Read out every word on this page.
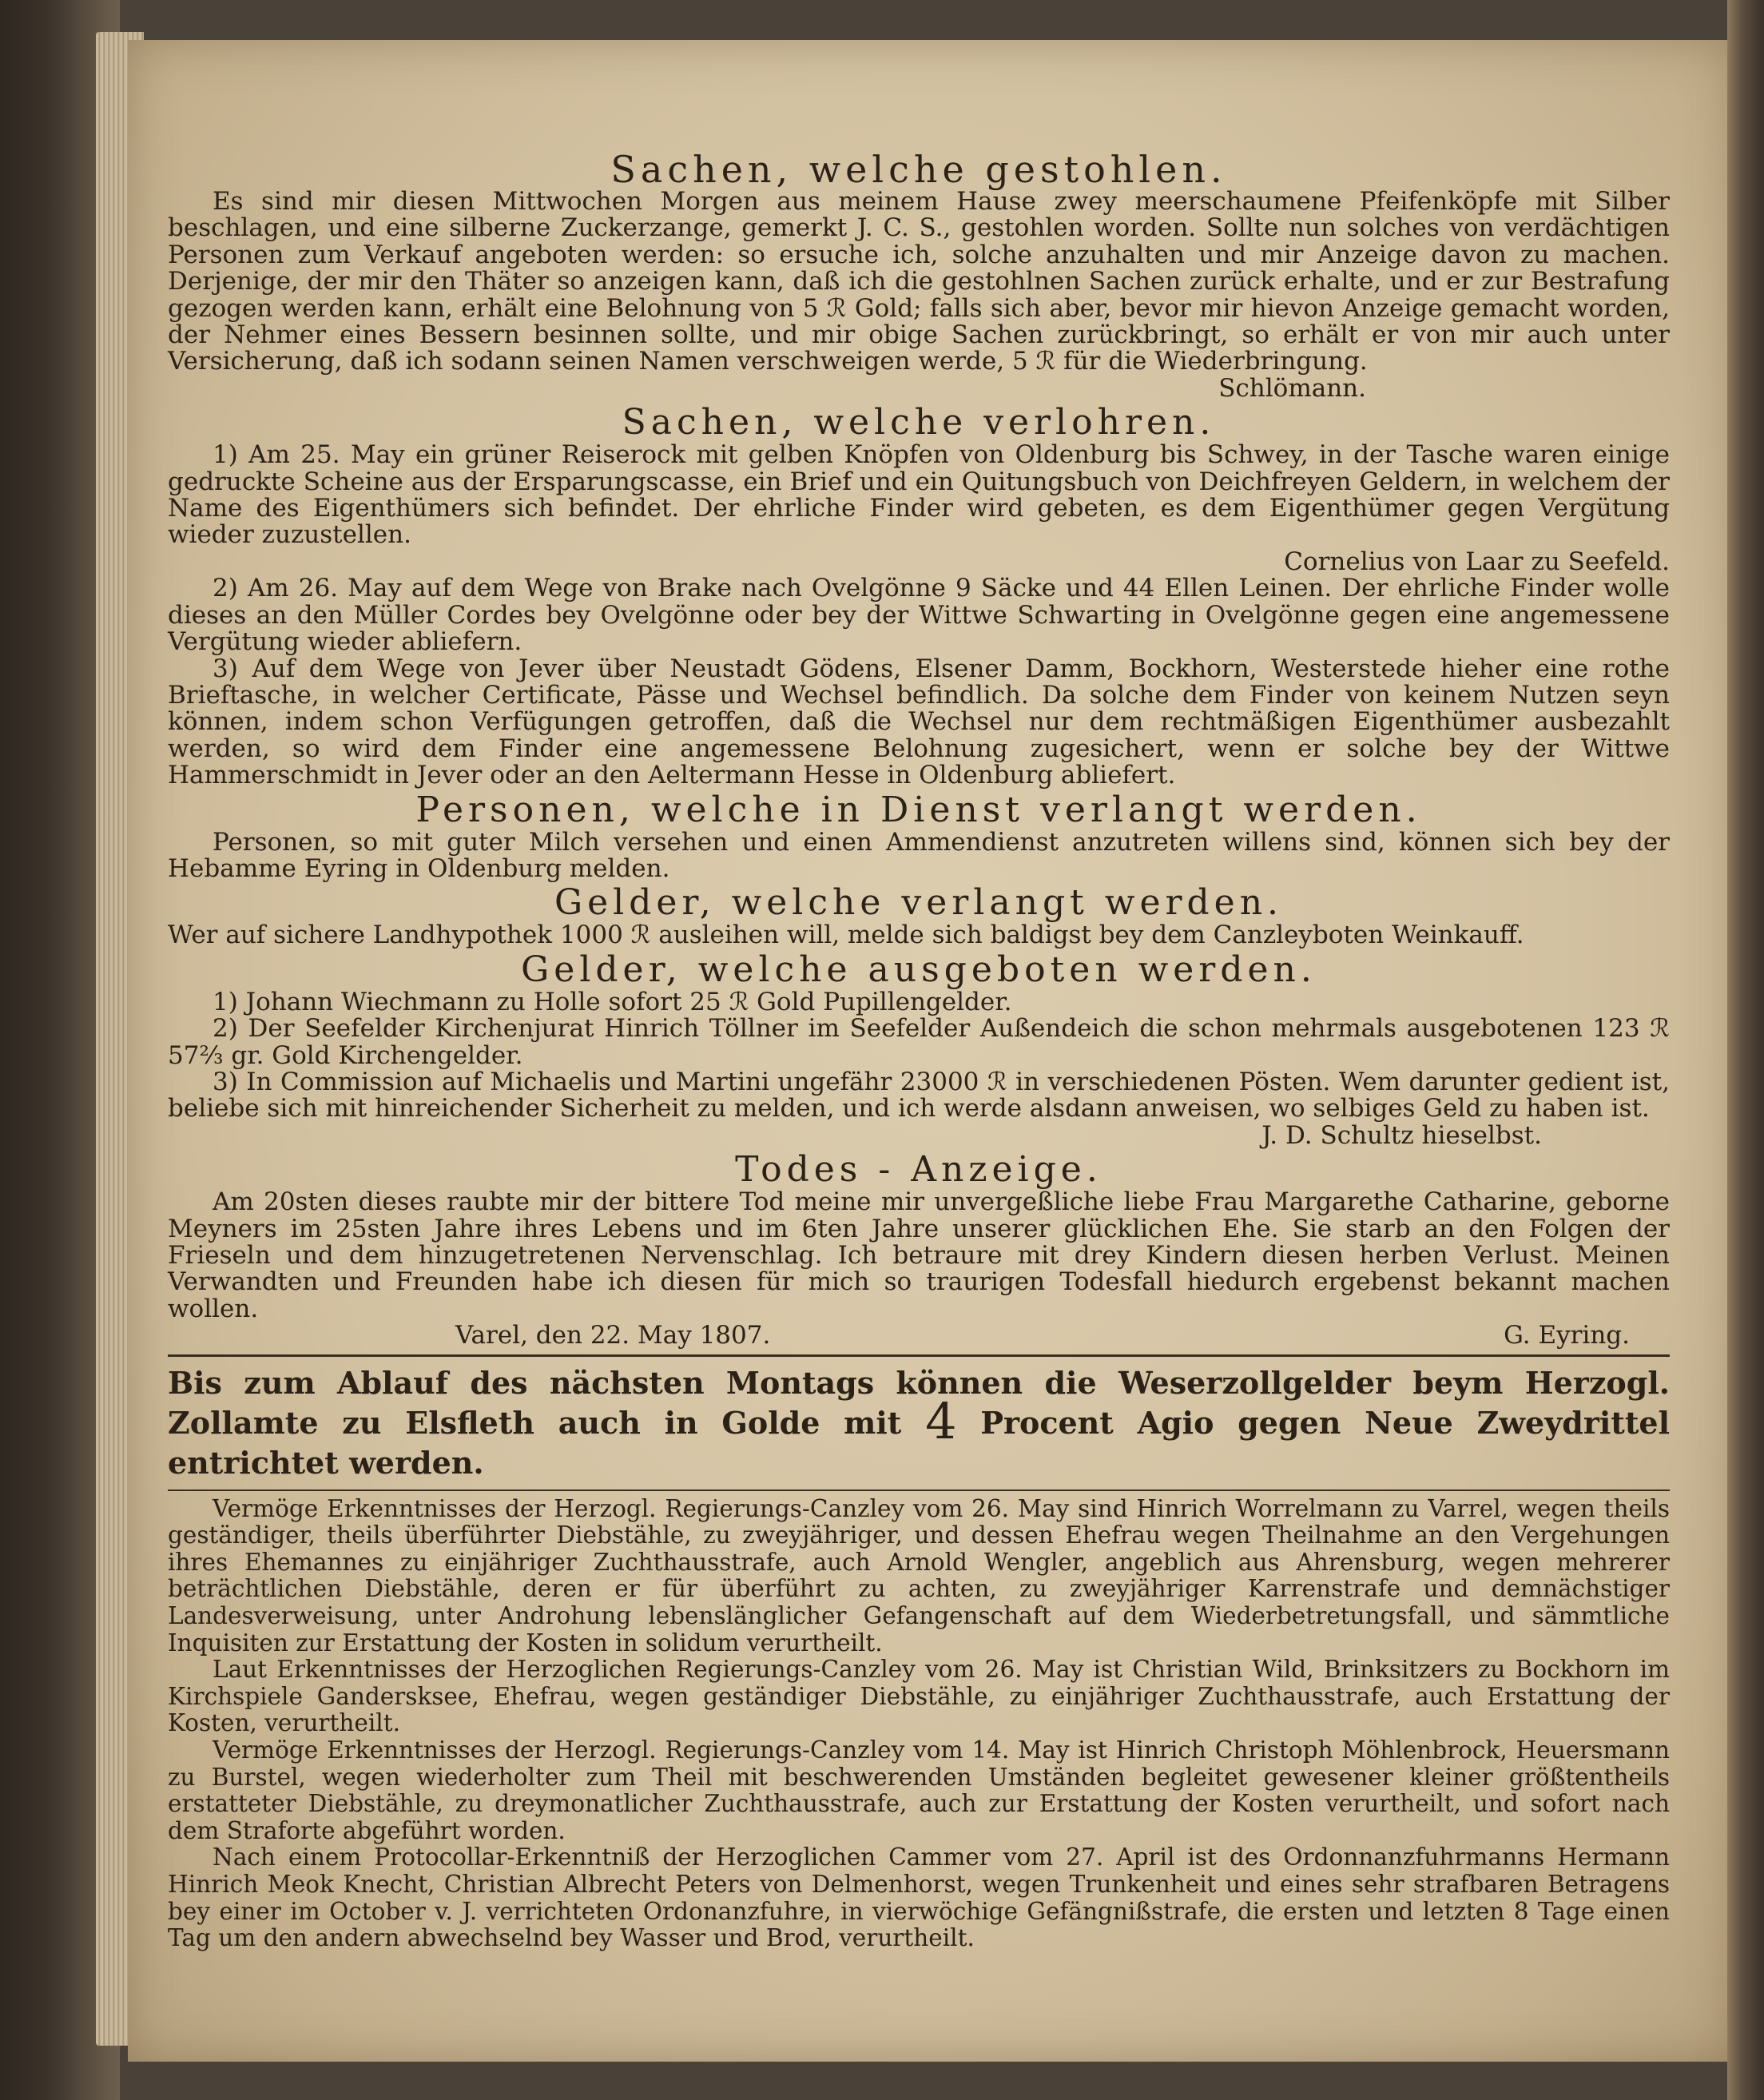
Sachen, welche gestohlen.

Es sind mir diesen Mittwochen Morgen aus meinem Hause zwey meerschaumene Pfeifenköpfe mit Silber beschlagen, und eine silberne Zuckerzange, gemerkt J. C. S., gestohlen worden. Sollte nun solches von verdächtigen Personen zum Verkauf angeboten werden: so ersuche ich, solche anzuhalten und mir Anzeige davon zu machen. Derjenige, der mir den Thäter so anzeigen kann, daß ich die gestohlnen Sachen zurück erhalte, und er zur Bestrafung gezogen werden kann, erhält eine Belohnung von 5 ℛ Gold; falls sich aber, bevor mir hievon Anzeige gemacht worden, der Nehmer eines Bessern besinnen sollte, und mir obige Sachen zurückbringt, so erhält er von mir auch unter Versicherung, daß ich sodann seinen Namen verschweigen werde, 5 ℛ für die Wiederbringung.

Schlömann.

Sachen, welche verlohren.

1) Am 25. May ein grüner Reiserock mit gelben Knöpfen von Oldenburg bis Schwey, in der Tasche waren einige gedruckte Scheine aus der Ersparungscasse, ein Brief und ein Quitungsbuch von Deichfreyen Geldern, in welchem der Name des Eigenthümers sich befindet. Der ehrliche Finder wird gebeten, es dem Eigenthümer gegen Vergütung wieder zuzustellen.

Cornelius von Laar zu Seefeld.

2) Am 26. May auf dem Wege von Brake nach Ovelgönne 9 Säcke und 44 Ellen Leinen. Der ehrliche Finder wolle dieses an den Müller Cordes bey Ovelgönne oder bey der Wittwe Schwarting in Ovelgönne gegen eine angemessene Vergütung wieder abliefern.

3) Auf dem Wege von Jever über Neustadt Gödens, Elsener Damm, Bockhorn, Westerstede hieher eine rothe Brieftasche, in welcher Certificate, Pässe und Wechsel befindlich. Da solche dem Finder von keinem Nutzen seyn können, indem schon Verfügungen getroffen, daß die Wechsel nur dem rechtmäßigen Eigenthümer ausbezahlt werden, so wird dem Finder eine angemessene Belohnung zugesichert, wenn er solche bey der Wittwe Hammerschmidt in Jever oder an den Aeltermann Hesse in Oldenburg abliefert.

Personen, welche in Dienst verlangt werden.

Personen, so mit guter Milch versehen und einen Ammendienst anzutreten willens sind, können sich bey der Hebamme Eyring in Oldenburg melden.

Gelder, welche verlangt werden.

Wer auf sichere Landhypothek 1000 ℛ ausleihen will, melde sich baldigst bey dem Canzleyboten Weinkauff.

Gelder, welche ausgeboten werden.

1) Johann Wiechmann zu Holle sofort 25 ℛ Gold Pupillengelder.

2) Der Seefelder Kirchenjurat Hinrich Töllner im Seefelder Außendeich die schon mehrmals ausgebotenen 123 ℛ 57⅔ gr. Gold Kirchengelder.

3) In Commission auf Michaelis und Martini ungefähr 23000 ℛ in verschiedenen Pösten. Wem darunter gedient ist, beliebe sich mit hinreichender Sicherheit zu melden, und ich werde alsdann anweisen, wo selbiges Geld zu haben ist.

J. D. Schultz hieselbst.

Todes - Anzeige.

Am 20sten dieses raubte mir der bittere Tod meine mir unvergeßliche liebe Frau Margarethe Catharine, geborne Meyners im 25sten Jahre ihres Lebens und im 6ten Jahre unserer glücklichen Ehe. Sie starb an den Folgen der Frieseln und dem hinzugetretenen Nervenschlag. Ich betraure mit drey Kindern diesen herben Verlust. Meinen Verwandten und Freunden habe ich diesen für mich so traurigen Todesfall hiedurch ergebenst bekannt machen wollen.

Varel, den 22. May 1807.	G. Eyring.

Bis zum Ablauf des nächsten Montags können die Weserzollgelder beym Herzogl. Zollamte zu Elsfleth auch in Golde mit 4 Procent Agio gegen Neue Zweydrittel entrichtet werden.

Vermöge Erkenntnisses der Herzogl. Regierungs-Canzley vom 26. May sind Hinrich Worrelmann zu Varrel, wegen theils geständiger, theils überführter Diebstähle, zu zweyjähriger, und dessen Ehefrau wegen Theilnahme an den Vergehungen ihres Ehemannes zu einjähriger Zuchthausstrafe, auch Arnold Wengler, angeblich aus Ahrensburg, wegen mehrerer beträchtlichen Diebstähle, deren er für überführt zu achten, zu zweyjähriger Karrenstrafe und demnächstiger Landesverweisung, unter Androhung lebenslänglicher Gefangenschaft auf dem Wiederbetretungsfall, und sämmtliche Inquisiten zur Erstattung der Kosten in solidum verurtheilt.

Laut Erkenntnisses der Herzoglichen Regierungs-Canzley vom 26. May ist Christian Wild, Brinksitzers zu Bockhorn im Kirchspiele Gandersksee, Ehefrau, wegen geständiger Diebstähle, zu einjähriger Zuchthausstrafe, auch Erstattung der Kosten, verurtheilt.

Vermöge Erkenntnisses der Herzogl. Regierungs-Canzley vom 14. May ist Hinrich Christoph Möhlenbrock, Heuersmann zu Burstel, wegen wiederholter zum Theil mit beschwerenden Umständen begleitet gewesener kleiner größtentheils erstatteter Diebstähle, zu dreymonatlicher Zuchthausstrafe, auch zur Erstattung der Kosten verurtheilt, und sofort nach dem Straforte abgeführt worden.

Nach einem Protocollar-Erkenntniß der Herzoglichen Cammer vom 27. April ist des Ordonnanzfuhrmanns Hermann Hinrich Meok Knecht, Christian Albrecht Peters von Delmenhorst, wegen Trunkenheit und eines sehr strafbaren Betragens bey einer im October v. J. verrichteten Ordonanzfuhre, in vierwöchige Gefängnißstrafe, die ersten und letzten 8 Tage einen Tag um den andern abwechselnd bey Wasser und Brod, verurtheilt.
